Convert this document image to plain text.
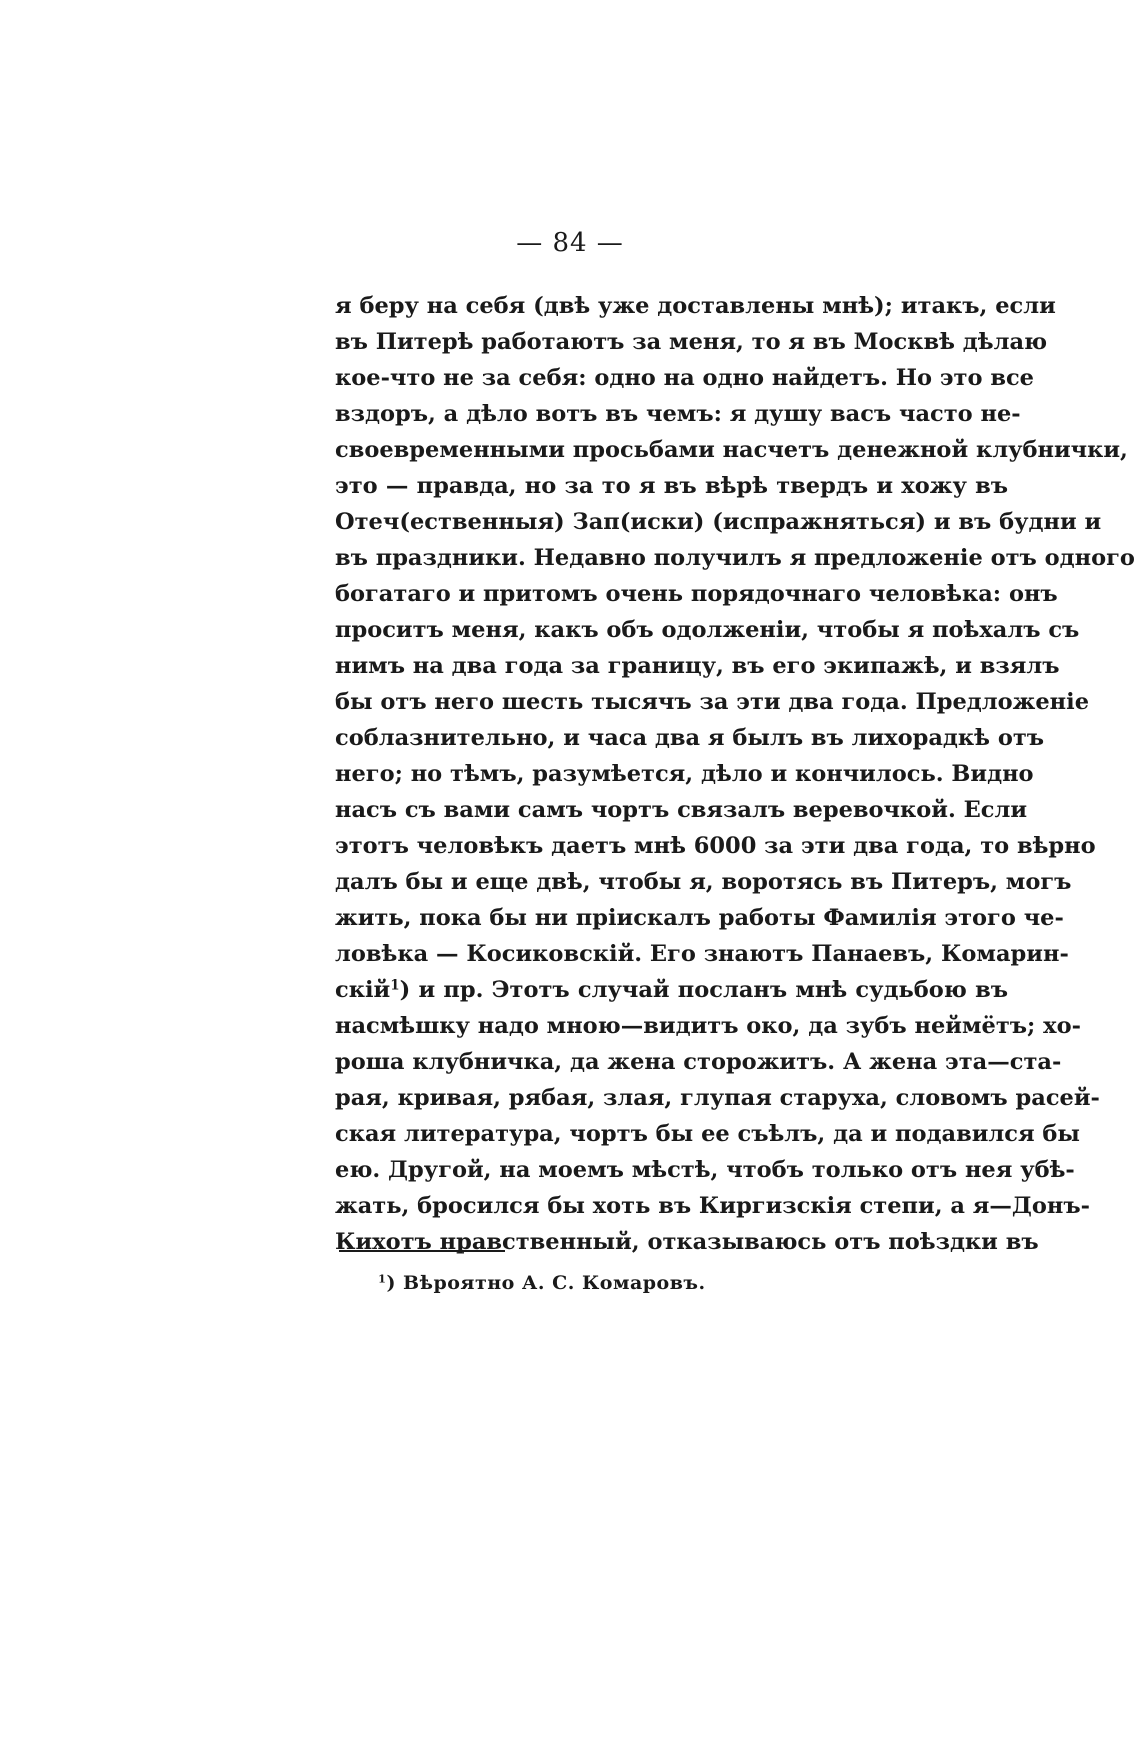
— 84 —
я беру на себя (двѣ уже доставлены мнѣ); итакъ, если
въ Питерѣ работаютъ за меня, то я въ Москвѣ дѣлаю
кое-что не за себя: одно на одно найдетъ. Но это все
вздоръ, а дѣло вотъ въ чемъ: я душу васъ часто не-
своевременными просьбами насчетъ денежной клубнички,
это — правда, но за то я въ вѣрѣ твердъ и хожу въ
Отеч(ественныя) Зап(иски) (испражняться) и въ будни и
въ праздники. Недавно получилъ я предложеніе отъ одного
богатаго и притомъ очень порядочнаго человѣка: онъ
проситъ меня, какъ объ одолженіи, чтобы я поѣхалъ съ
нимъ на два года за границу, въ его экипажѣ, и взялъ
бы отъ него шесть тысячъ за эти два года. Предложеніе
соблазнительно, и часа два я былъ въ лихорадкѣ отъ
него; но тѣмъ, разумѣется, дѣло и кончилось. Видно
насъ съ вами самъ чортъ связалъ веревочкой. Если
этотъ человѣкъ даетъ мнѣ 6000 за эти два года, то вѣрно
далъ бы и еще двѣ, чтобы я, воротясь въ Питеръ, могъ
жить, пока бы ни пріискалъ работы Фамилія этого че-
ловѣка — Косиковскій. Его знаютъ Панаевъ, Комарин-
скій$^1$) и пр. Этотъ случай посланъ мнѣ судьбою въ
насмѣшку надо мною—видитъ око, да зубъ неймётъ; хо-
роша клубничка, да жена сторожитъ. А жена эта—ста-
рая, кривая, рябая, злая, глупая старуха, словомъ расей-
ская литература, чортъ бы ее съѣлъ, да и подавился бы
ею. Другой, на моемъ мѣстѣ, чтобъ только отъ нея убѣ-
жать, бросился бы хоть въ Киргизскія степи, а я—Донъ-
Кихотъ нравственный, отказываюсь отъ поѣздки въ
$^1$) Вѣроятно А. С. Комаровъ.
